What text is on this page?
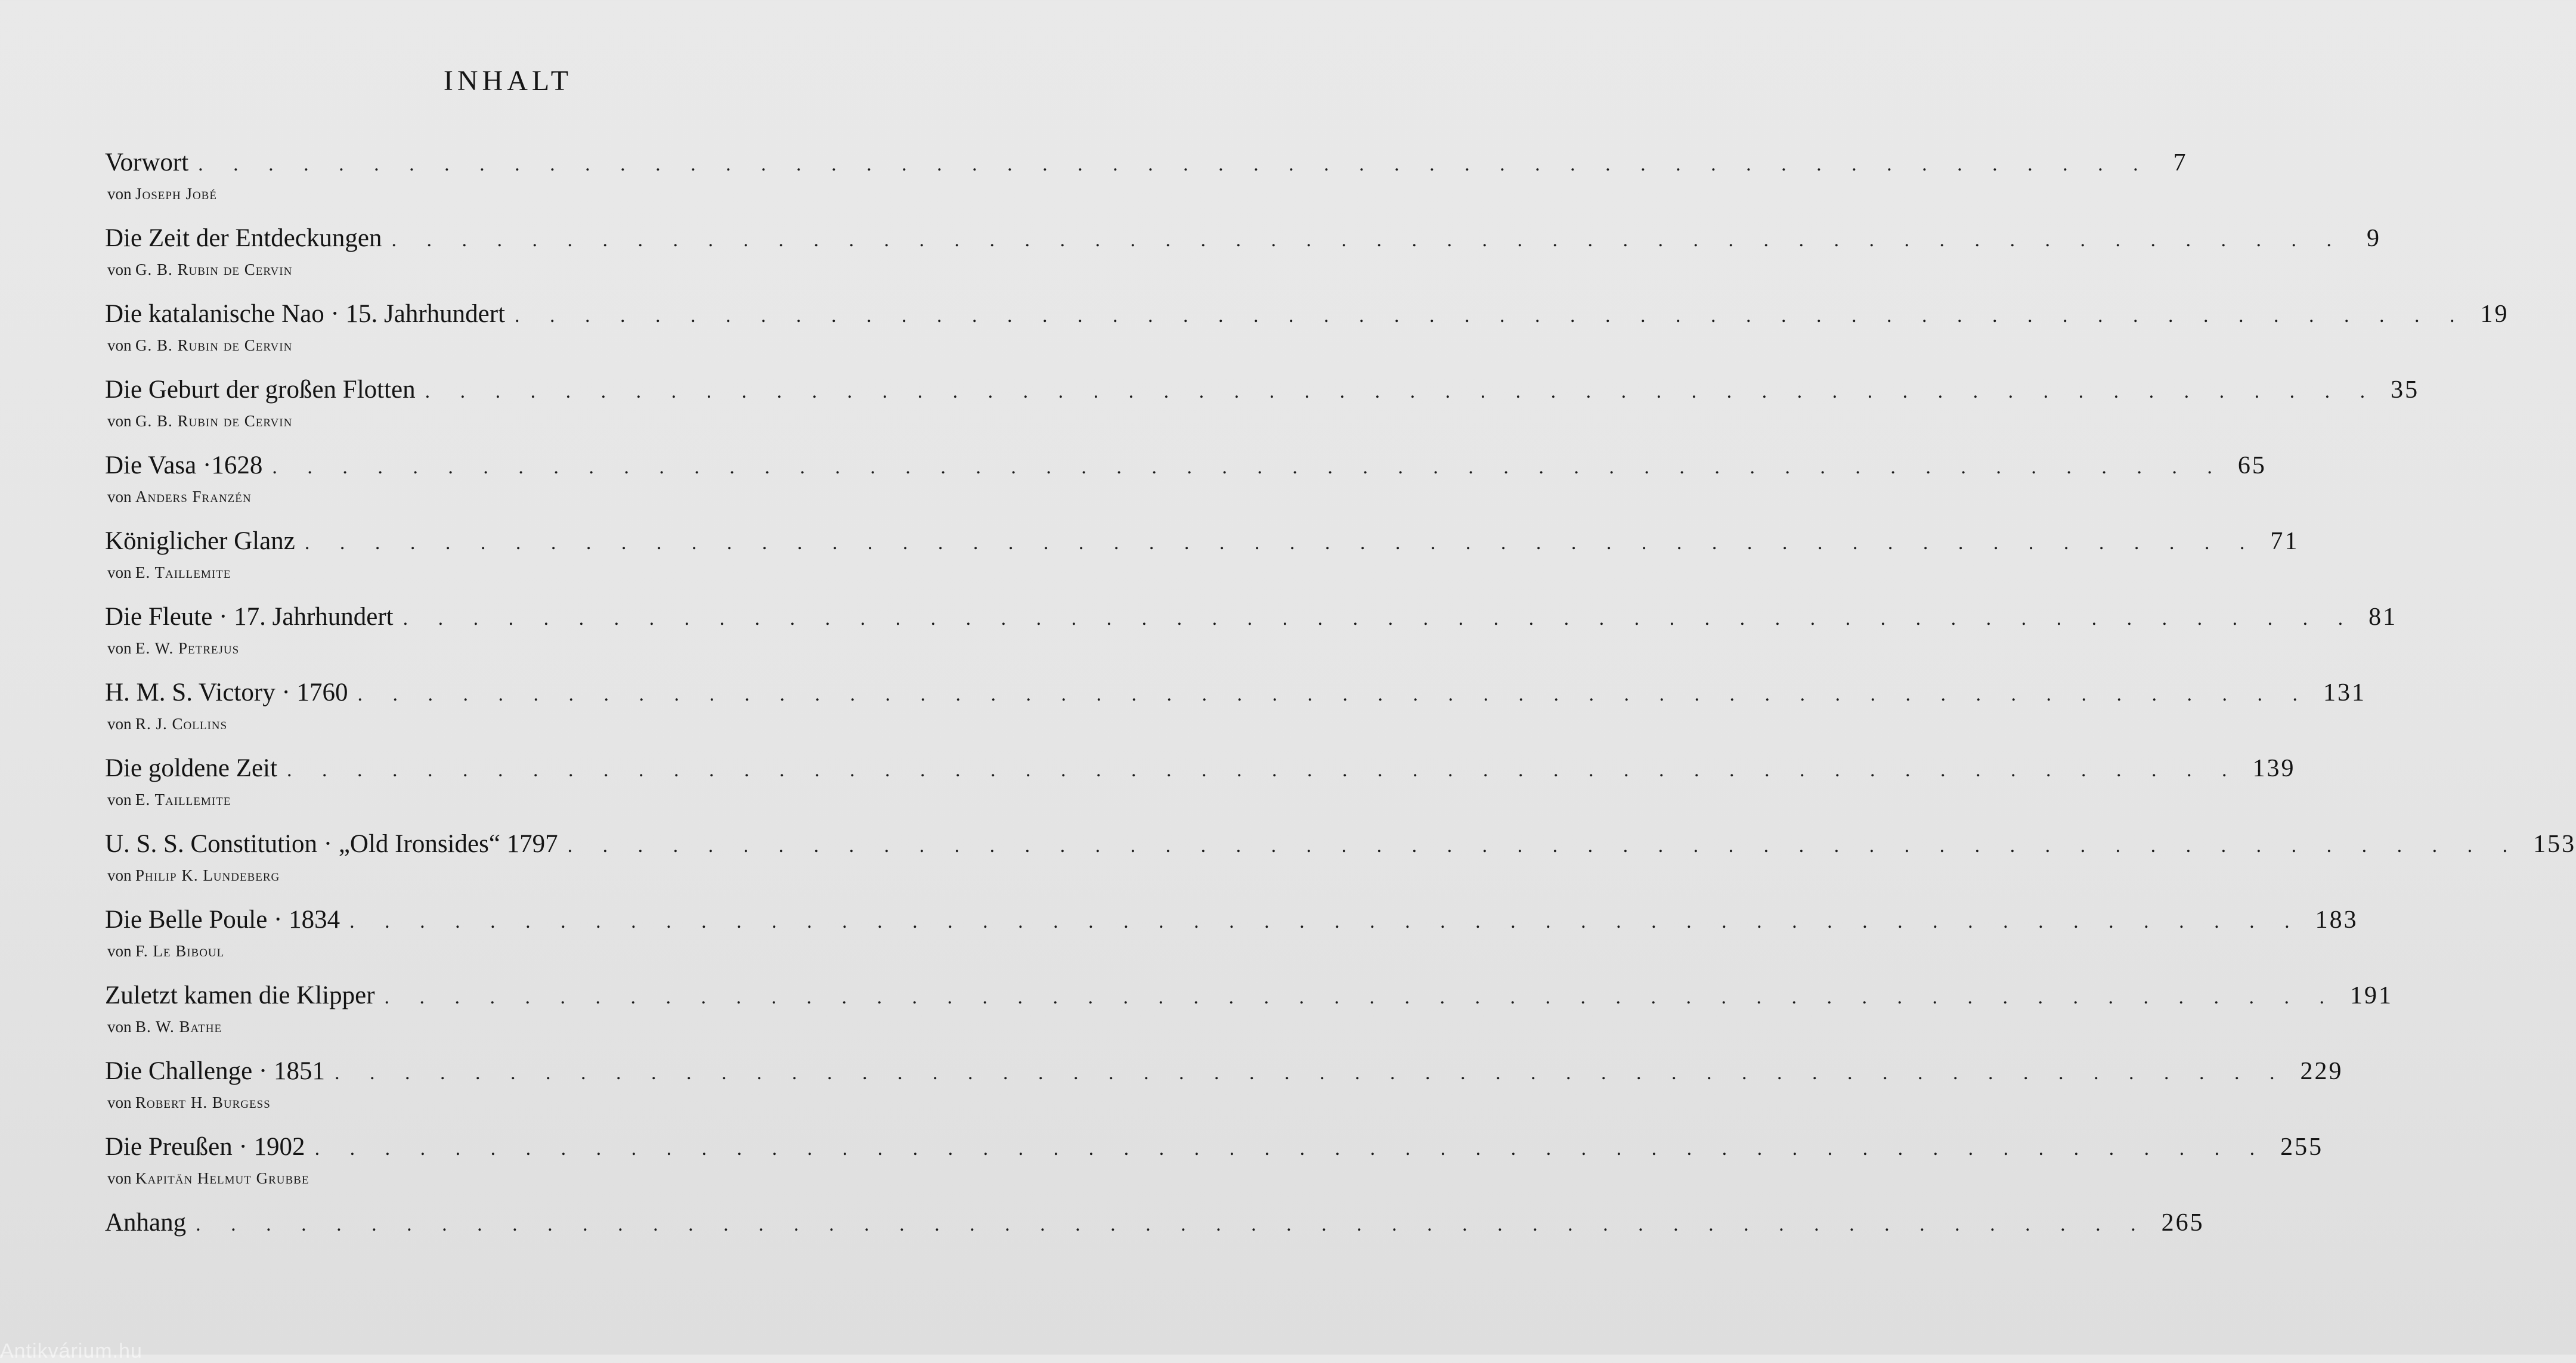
INHALT
Vorwort . . . . . . . . . . . . . . . . . . . . . . . . . . . . . . . . . . . . . . . . . . . . . . . . . . . . . . . . 7
von Joseph Jobé
Die Zeit der Entdeckungen . . . . . . . . . . . . . . . . . . . . . . . . . . . . . . . . . . . . . . . . . . . . . . . . . . . . . . . . 9
von G. B. Rubin de Cervin
Die katalanische Nao · 15. Jahrhundert . . . . . . . . . . . . . . . . . . . . . . . . . . . . . . . . . . . . . . . . . . . . . . . . . . . . . . . . 19
von G. B. Rubin de Cervin
Die Geburt der großen Flotten . . . . . . . . . . . . . . . . . . . . . . . . . . . . . . . . . . . . . . . . . . . . . . . . . . . . . . . . 35
von G. B. Rubin de Cervin
Die Vasa ·1628 . . . . . . . . . . . . . . . . . . . . . . . . . . . . . . . . . . . . . . . . . . . . . . . . . . . . . . . . 65
von Anders Franzén
Königlicher Glanz . . . . . . . . . . . . . . . . . . . . . . . . . . . . . . . . . . . . . . . . . . . . . . . . . . . . . . . . 71
von E. Taillemite
Die Fleute · 17. Jahrhundert . . . . . . . . . . . . . . . . . . . . . . . . . . . . . . . . . . . . . . . . . . . . . . . . . . . . . . . . 81
von E. W. Petrejus
H. M. S. Victory · 1760 . . . . . . . . . . . . . . . . . . . . . . . . . . . . . . . . . . . . . . . . . . . . . . . . . . . . . . . . 131
von R. J. Collins
Die goldene Zeit . . . . . . . . . . . . . . . . . . . . . . . . . . . . . . . . . . . . . . . . . . . . . . . . . . . . . . . . 139
von E. Taillemite
U. S. S. Constitution · „Old Ironsides“ 1797 . . . . . . . . . . . . . . . . . . . . . . . . . . . . . . . . . . . . . . . . . . . . . . . . . . . . . . . . 153
von Philip K. Lundeberg
Die Belle Poule · 1834 . . . . . . . . . . . . . . . . . . . . . . . . . . . . . . . . . . . . . . . . . . . . . . . . . . . . . . . . 183
von F. Le Biboul
Zuletzt kamen die Klipper . . . . . . . . . . . . . . . . . . . . . . . . . . . . . . . . . . . . . . . . . . . . . . . . . . . . . . . . 191
von B. W. Bathe
Die Challenge · 1851 . . . . . . . . . . . . . . . . . . . . . . . . . . . . . . . . . . . . . . . . . . . . . . . . . . . . . . . . 229
von Robert H. Burgess
Die Preußen · 1902 . . . . . . . . . . . . . . . . . . . . . . . . . . . . . . . . . . . . . . . . . . . . . . . . . . . . . . . . 255
von Kapitän Helmut Grubbe
Anhang . . . . . . . . . . . . . . . . . . . . . . . . . . . . . . . . . . . . . . . . . . . . . . . . . . . . . . . . 265
Antikvárium.hu
